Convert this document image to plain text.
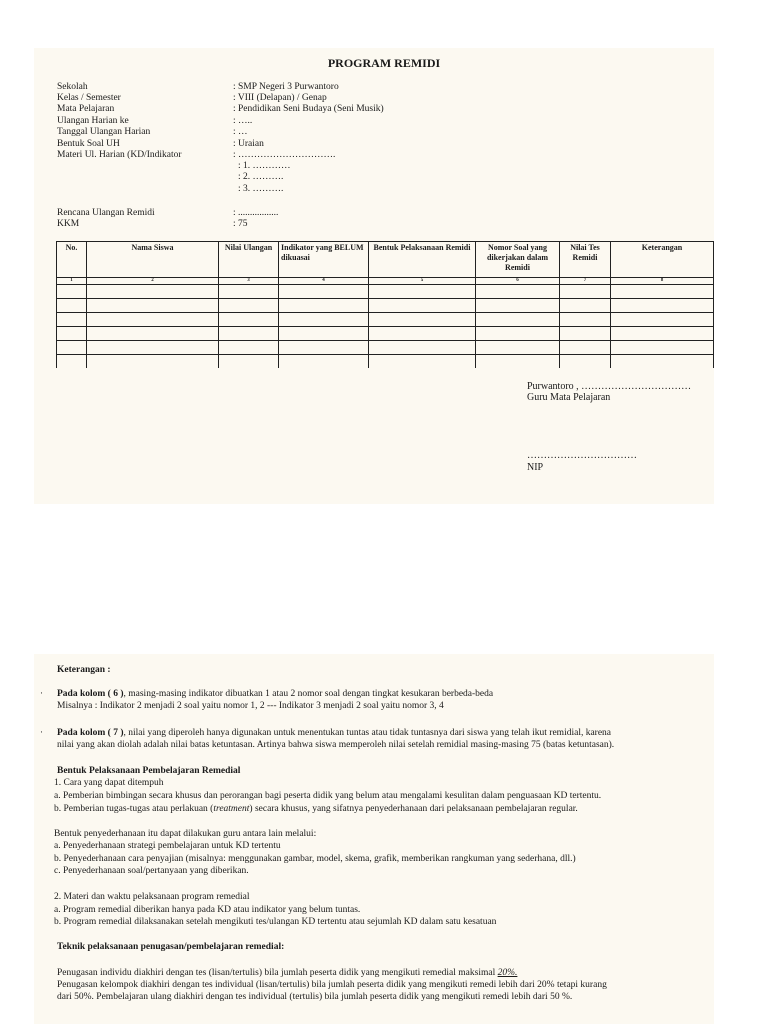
PROGRAM REMIDI
Sekolah	: SMP Negeri 3 Purwantoro
Kelas / Semester	: VIII (Delapan) / Genap
Mata Pelajaran	: Pendidikan Seni Budaya (Seni Musik)
Ulangan Harian ke	: …..
Tanggal Ulangan Harian	: …
Bentuk Soal UH	: Uraian
Materi Ul. Harian (KD/Indikator	: ………………………….
: 1. …………
: 2. ……….
: 3. ……….
Rencana Ulangan Remidi	: .................
KKM	: 75
No.	Nama Siswa	Nilai Ulangan	Indikator yang BELUM dikuasai	Bentuk Pelaksanaan Remidi	Nomor Soal yang dikerjakan dalam Remidi	Nilai Tes Remidi	Keterangan
1	2	3	4	5	6	7	8

Purwantoro , ……………………………
Guru Mata Pelajaran
……………………………
NIP
Keterangan :
· Pada kolom ( 6 ), masing-masing indikator dibuatkan 1 atau 2 nomor soal dengan tingkat kesukaran berbeda-beda
Misalnya : Indikator 2 menjadi 2 soal yaitu nomor 1, 2 --- Indikator 3 menjadi 2 soal yaitu nomor 3, 4
· Pada kolom ( 7 ), nilai yang diperoleh hanya digunakan untuk menentukan tuntas atau tidak tuntasnya dari siswa yang telah ikut remidial, karena
nilai yang akan diolah adalah nilai batas ketuntasan. Artinya bahwa siswa memperoleh nilai setelah remidial masing-masing 75 (batas ketuntasan).
Bentuk Pelaksanaan Pembelajaran Remedial
1. Cara yang dapat ditempuh
a. Pemberian bimbingan secara khusus dan perorangan bagi peserta didik yang belum atau mengalami kesulitan dalam penguasaan KD tertentu.
b. Pemberian tugas-tugas atau perlakuan (treatment) secara khusus, yang sifatnya penyederhanaan dari pelaksanaan pembelajaran regular.
Bentuk penyederhanaan itu dapat dilakukan guru antara lain melalui:
a. Penyederhanaan strategi pembelajaran untuk KD tertentu
b. Penyederhanaan cara penyajian (misalnya: menggunakan gambar, model, skema, grafik, memberikan rangkuman yang sederhana, dll.)
c. Penyederhanaan soal/pertanyaan yang diberikan.
2. Materi dan waktu pelaksanaan program remedial
a. Program remedial diberikan hanya pada KD atau indikator yang belum tuntas.
b. Program remedial dilaksanakan setelah mengikuti tes/ulangan KD tertentu atau sejumlah KD dalam satu kesatuan
Teknik pelaksanaan penugasan/pembelajaran remedial:
Penugasan individu diakhiri dengan tes (lisan/tertulis) bila jumlah peserta didik yang mengikuti remedial maksimal 20%.
Penugasan kelompok diakhiri dengan tes individual (lisan/tertulis) bila jumlah peserta didik yang mengikuti remedi lebih dari 20% tetapi kurang
dari 50%. Pembelajaran ulang diakhiri dengan tes individual (tertulis) bila jumlah peserta didik yang mengikuti remedi lebih dari 50 %.
